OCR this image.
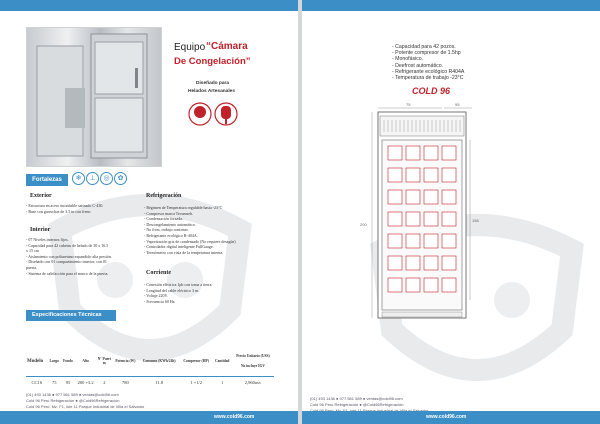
Equipo “Cámara
De Congelación”
Diseñado para
Helados Artesanales
Fortalezas	❄	⊥	◎	✿
Exterior
- Estructura en acero inoxidable satinado C-430.
- Base con garruchas de 3.5 in con freno
Interior
- 07 Niveles internos fijos.
- Capacidad para 42 cubetas de helado de 30 x 16.5
x 15 cm
- Aislamiento con poliuretano expandido alta presión.
- Diseñado con 01 compartimiento interior, con 01
puerta.
- Sistema de calefacción para el marco de la puerta.
Refrigeración
- Régimen de Temperatura regulable hasta -23°C
- Compresor marca Tecumseh.
- Condensación forzada.
- Descongelamiento automático.
- No frost, trabajo continuo.
- Refrigerante ecológico R-404A.
- Vaporización gris de condensado (No requiere desagüe)
- Controlador digital inteligente FullGauge.
- Termómetro con vista de la temperatura interna.
Corriente
- Conexión eléctrica 1ph con toma a tierra.
- Longitud del cable eléctrico 3 m.
- Voltaje 220V.
- Frecuencia 60 Hz.
Especificaciones Técnicas
Modelo	Largo	Fondo	Alto	N° Puert as	Potencia (W)	Consumo (KWh/24h)	Compresor (HP)	Cantidad	Precio Unitario (USS)
No incluye IGV

CC16	75	95	200 +3.2	2	780	11.8	1 +1/2	1	2,960usv
(01) 493 1436 ● 977 561 589 ● ventas@cold96.com
Cold 96 Perú Refrigeración ● @Cold96Refrigeración
Cold 96 Perú: Mz. F1, lote 11 Parque Industrial de Villa el Salvador
www.cold96.com
75	95
200
158
- Capacidad para 42 pozos.
- Potente compresor de 1.5hp
- Monofásico.
- Deefrost automático.
- Refrigerante ecológico R404A
- Temperatura de trabajo -23°C
COLD 96
(01) 493 1436 ● 977 561 589 ● ventas@cold96.com
Cold 96 Perú Refrigeración ● @Cold96Refrigeración
www.cold96.com
